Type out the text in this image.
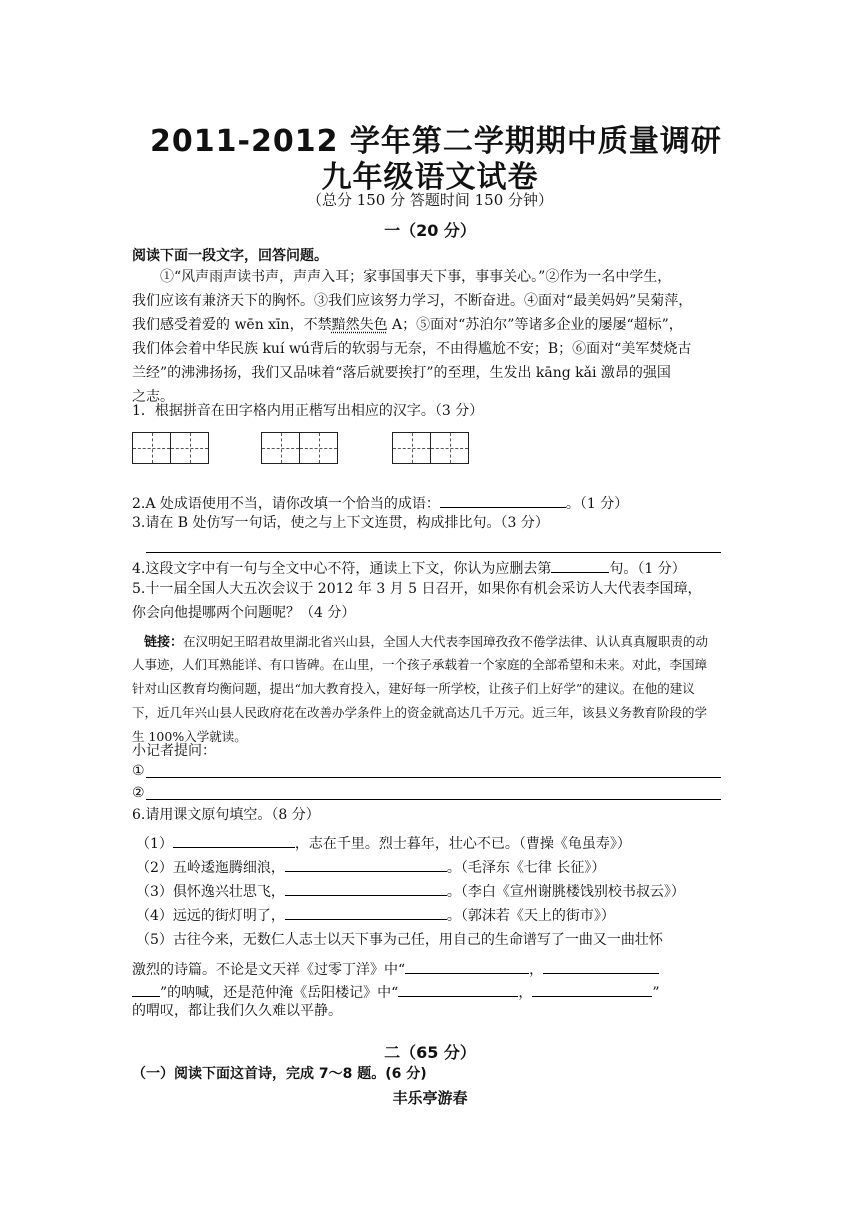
2011-2012 学年第二学期期中质量调研
九年级语文试卷
（总分 150 分 答题时间 150 分钟）
一（20 分）
阅读下面一段文字，回答问题。
①“风声雨声读书声，声声入耳；家事国事天下事，事事关心。”②作为一名中学生，
我们应该有兼济天下的胸怀。③我们应该努力学习，不断奋进。④面对“最美妈妈”吴菊萍，
我们感受着爱的 wēn xīn，不禁黯然失色 A；⑤面对“苏泊尔”等诸多企业的屡屡“超标”，
我们体会着中华民族 kuí wú背后的软弱与无奈，不由得尴尬不安；B；⑥面对“美军焚烧古
兰经”的沸沸扬扬，我们又品味着“落后就要挨打”的至理，生发出 kāng kǎi 激昂的强国
之志。
1．根据拼音在田字格内用正楷写出相应的汉字。（3 分）
2.A 处成语使用不当，请你改填一个恰当的成语：	。（1 分）
3.请在 B 处仿写一句话，使之与上下文连贯，构成排比句。（3 分）
4.这段文字中有一句与全文中心不符，通读上下文，你认为应删去第	句。（1 分）
5.十一届全国人大五次会议于 2012 年 3 月 5 日召开，如果你有机会采访人大代表李国璋，
你会向他提哪两个问题呢？（4 分）
链接：在汉明妃王昭君故里湖北省兴山县，全国人大代表李国璋孜孜不倦学法律、认认真真履职责的动
人事迹，人们耳熟能详、有口皆碑。在山里，一个孩子承载着一个家庭的全部希望和未来。对此，李国璋
针对山区教育均衡问题，提出“加大教育投入，建好每一所学校，让孩子们上好学”的建议。在他的建议
下，近几年兴山县人民政府花在改善办学条件上的资金就高达几千万元。近三年，该县义务教育阶段的学
生 100%入学就读。
小记者提问：
①
②
6.请用课文原句填空。（8 分）
（1）	，志在千里。烈士暮年，壮心不已。（曹操《龟虽寿》）
（2）五岭逶迤腾细浪，	。（毛泽东《七律 长征》）
（3）俱怀逸兴壮思飞，	。（李白《宣州谢朓楼饯别校书叔云》）
（4）远远的街灯明了，	。（郭沫若《天上的街市》）
（5）古往今来，无数仁人志士以天下事为己任，用自己的生命谱写了一曲又一曲壮怀
激烈的诗篇。不论是文天祥《过零丁洋》中“	，
”的呐喊，还是范仲淹《岳阳楼记》中“	，	”
的喟叹，都让我们久久难以平静。
二（65 分）
（一）阅读下面这首诗，完成 7～8 题。(6 分)
丰乐亭游春
